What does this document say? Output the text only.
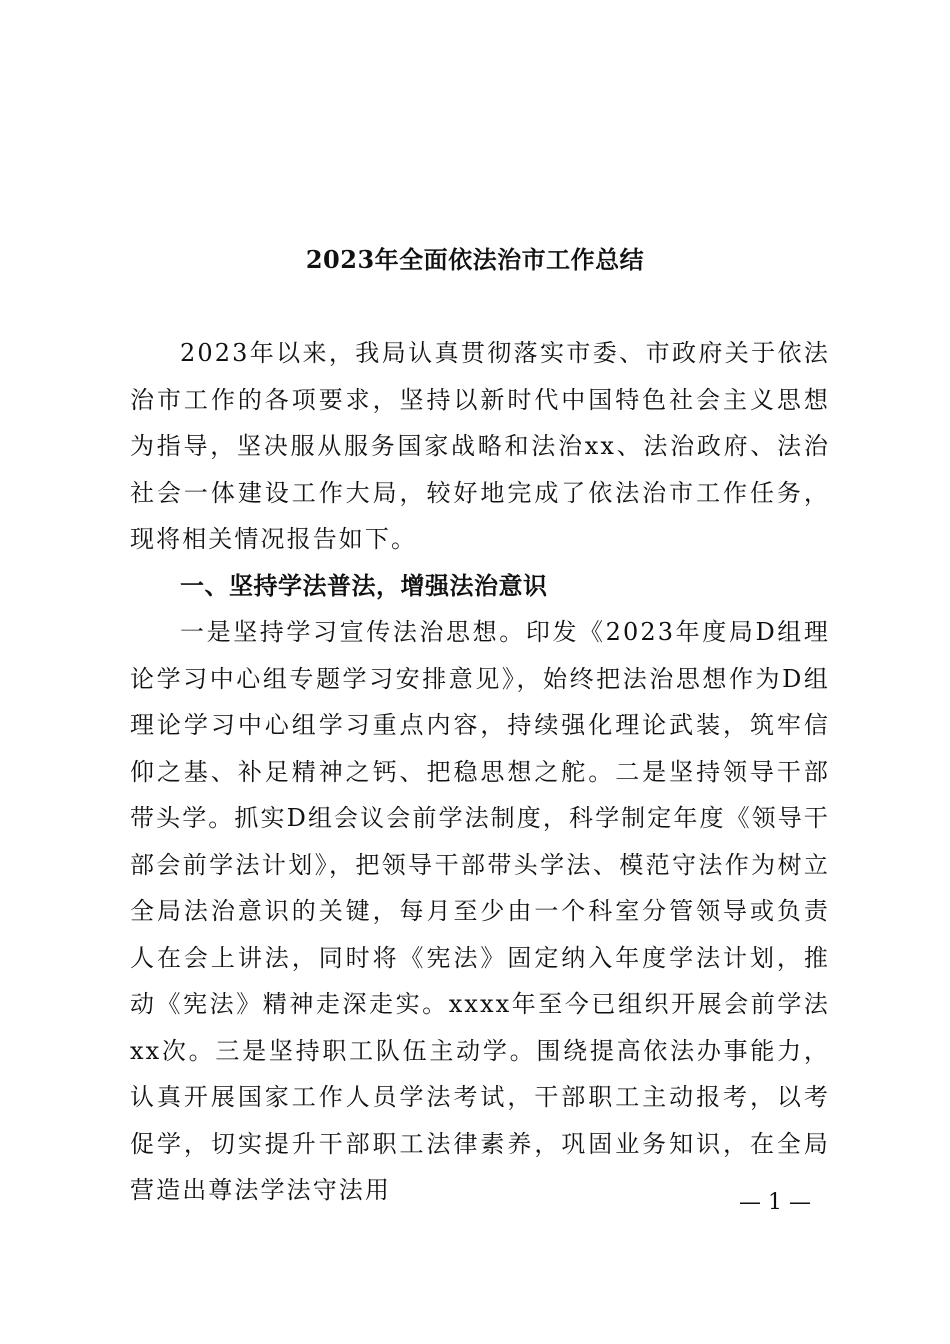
2023年全面依法治市工作总结

2023年以来，我局认真贯彻落实市委、市政府关于依法治市工作的各项要求，坚持以新时代中国特色社会主义思想为指导，坚决服从服务国家战略和法治xx、法治政府、法治社会一体建设工作大局，较好地完成了依法治市工作任务，现将相关情况报告如下。

一、坚持学法普法，增强法治意识

一是坚持学习宣传法治思想。印发《2023年度局D组理论学习中心组专题学习安排意见》，始终把法治思想作为D组理论学习中心组学习重点内容，持续强化理论武装，筑牢信仰之基、补足精神之钙、把稳思想之舵。二是坚持领导干部带头学。抓实D组会议会前学法制度，科学制定年度《领导干部会前学法计划》，把领导干部带头学法、模范守法作为树立全局法治意识的关键，每月至少由一个科室分管领导或负责人在会上讲法，同时将《宪法》固定纳入年度学法计划，推动《宪法》精神走深走实。xxxx年至今已组织开展会前学法xx次。三是坚持职工队伍主动学。围绕提高依法办事能力，认真开展国家工作人员学法考试，干部职工主动报考，以考促学，切实提升干部职工法律素养，巩固业务知识，在全局营造出尊法学法守法用	— 1 —
